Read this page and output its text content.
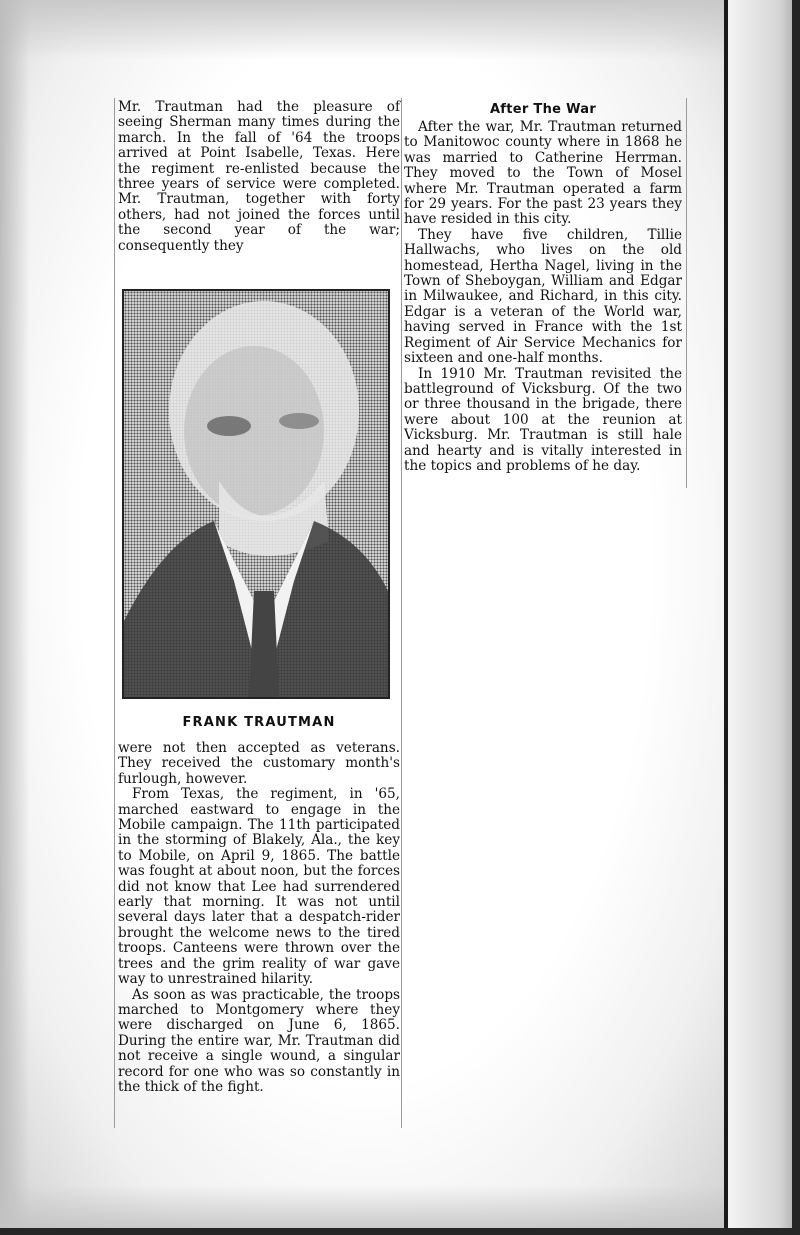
Mr. Trautman had the pleasure of seeing Sherman many times during the march. In the fall of '64 the troops arrived at Point Isabelle, Texas. Here the regiment re-enlisted because the three years of service were completed. Mr. Trautman, together with forty others, had not joined the forces until the second year of the war; consequently they

FRANK TRAUTMAN

were not then accepted as veterans. They received the customary month's furlough, however.

From Texas, the regiment, in '65, marched eastward to engage in the Mobile campaign. The 11th participated in the storming of Blakely, Ala., the key to Mobile, on April 9, 1865. The battle was fought at about noon, but the forces did not know that Lee had surrendered early that morning. It was not until several days later that a despatch-rider brought the welcome news to the tired troops. Canteens were thrown over the trees and the grim reality of war gave way to unrestrained hilarity.

As soon as was practicable, the troops marched to Montgomery where they were discharged on June 6, 1865. During the entire war, Mr. Trautman did not receive a single wound, a singular record for one who was so constantly in the thick of the fight.

After The War

After the war, Mr. Trautman returned to Manitowoc county where in 1868 he was married to Catherine Herrman. They moved to the Town of Mosel where Mr. Trautman operated a farm for 29 years. For the past 23 years they have resided in this city.

They have five children, Tillie Hallwachs, who lives on the old homestead, Hertha Nagel, living in the Town of Sheboygan, William and Edgar in Milwaukee, and Richard, in this city. Edgar is a veteran of the World war, having served in France with the 1st Regiment of Air Service Mechanics for sixteen and one-half months.

In 1910 Mr. Trautman revisited the battleground of Vicksburg. Of the two or three thousand in the brigade, there were about 100 at the reunion at Vicksburg. Mr. Trautman is still hale and hearty and is vitally interested in the topics and problems of he day.
